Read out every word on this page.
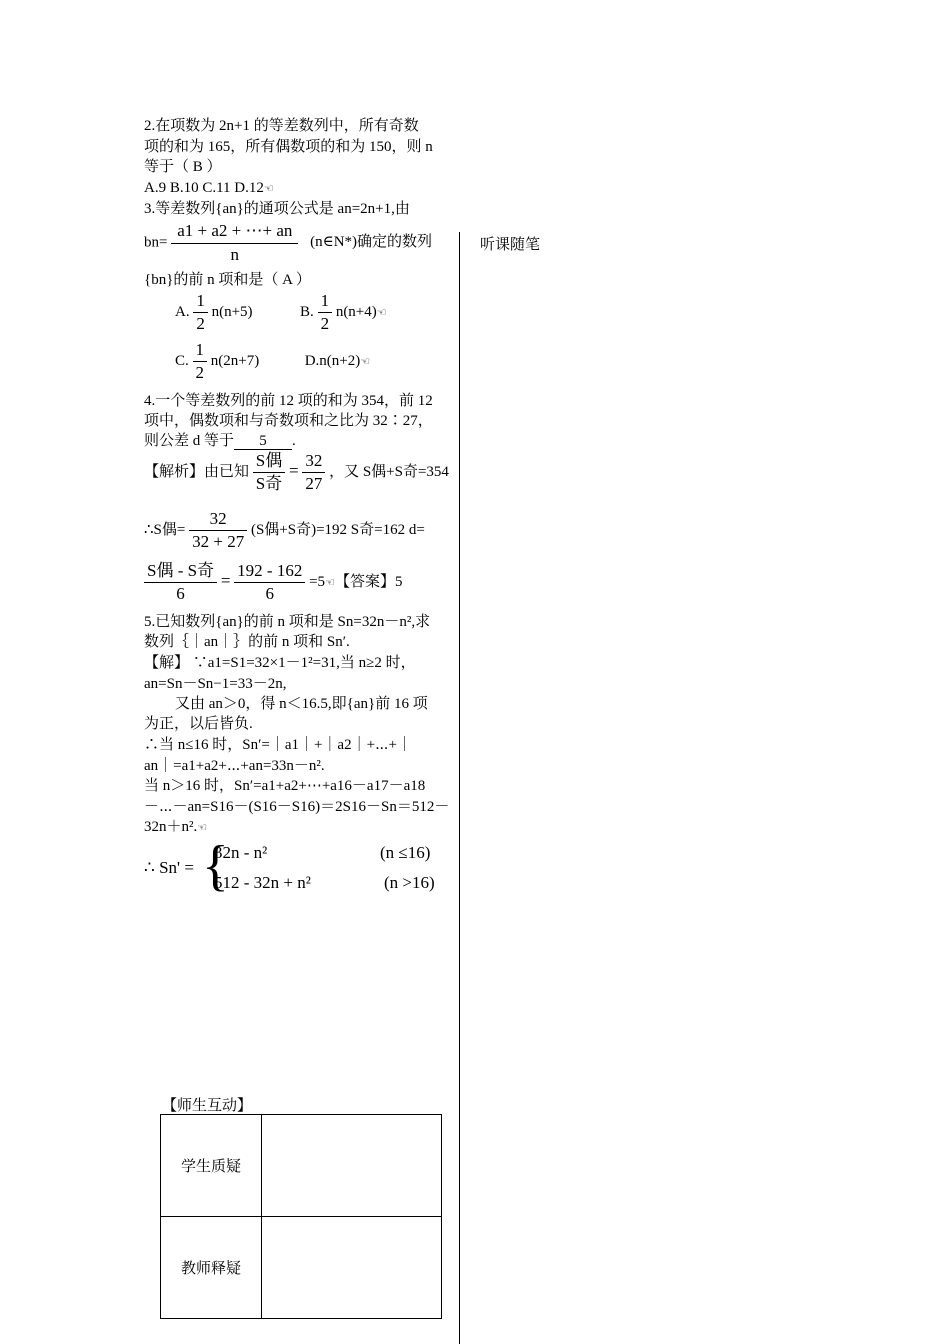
2.在项数为 2n+1 的等差数列中，所有奇数
项的和为 165，所有偶数项的和为 150，则 n
等于（ B ）
A.9 B.10 C.11 D.12☜
3.等差数列{an}的通项公式是 an=2n+1,由
$bn= \frac{a1 + a2 + \cdots+ an}{n}$ (n∈N*)确定的数列
{bn}的前 n 项和是（ A ）
A. $\frac{1}{2} n(n+5)$	B. $\frac{1}{2}$ n(n+4)☜
C. $\frac{1}{2} n(2n+7)$	D.n(n+2)☜
4.一个等差数列的前 12 项的和为 354，前 12
项中，偶数项和与奇数项和之比为 32∶27，
则公差 d 等于 5 .
【解析】由已知 $\frac{\text{S偶}}{\text{S奇}} = \frac{32}{27}$ ，又 S偶+S奇=354
∴S偶= $\frac{32}{32 + 27} (S$偶+S奇)=192 S奇=162 d=
$\frac{\text{S偶 - S奇}}{6} = \frac{192 - 162}{6}$ =5☜【答案】5
5.已知数列{an}的前 n 项和是 Sn=32n－n²,求
数列｛｜an｜｝的前 n 项和 Sn′.
【解】 ∵a1=S1=32×1－1²=31,当 n≥2 时，
an=Sn－Sn−1=33－2n,
又由 an＞0，得 n＜16.5,即{an}前 16 项
为正，以后皆负.
∴当 n≤16 时，Sn′=｜a1｜+｜a2｜+⋯+｜
an｜=a1+a2+⋯+an=33n－n².
当 n＞16 时，Sn′=a1+a2+⋯+a16－a17－a18
－⋯－an=S16－(S16－S16)＝2S16－Sn＝512－
32n＋n².☜
∴ Sn' = {
32n - n²	(n ≤16)
512 - 32n + n²	(n >16)
听课随笔
【师生互动】
学生质疑	
教师释疑	
